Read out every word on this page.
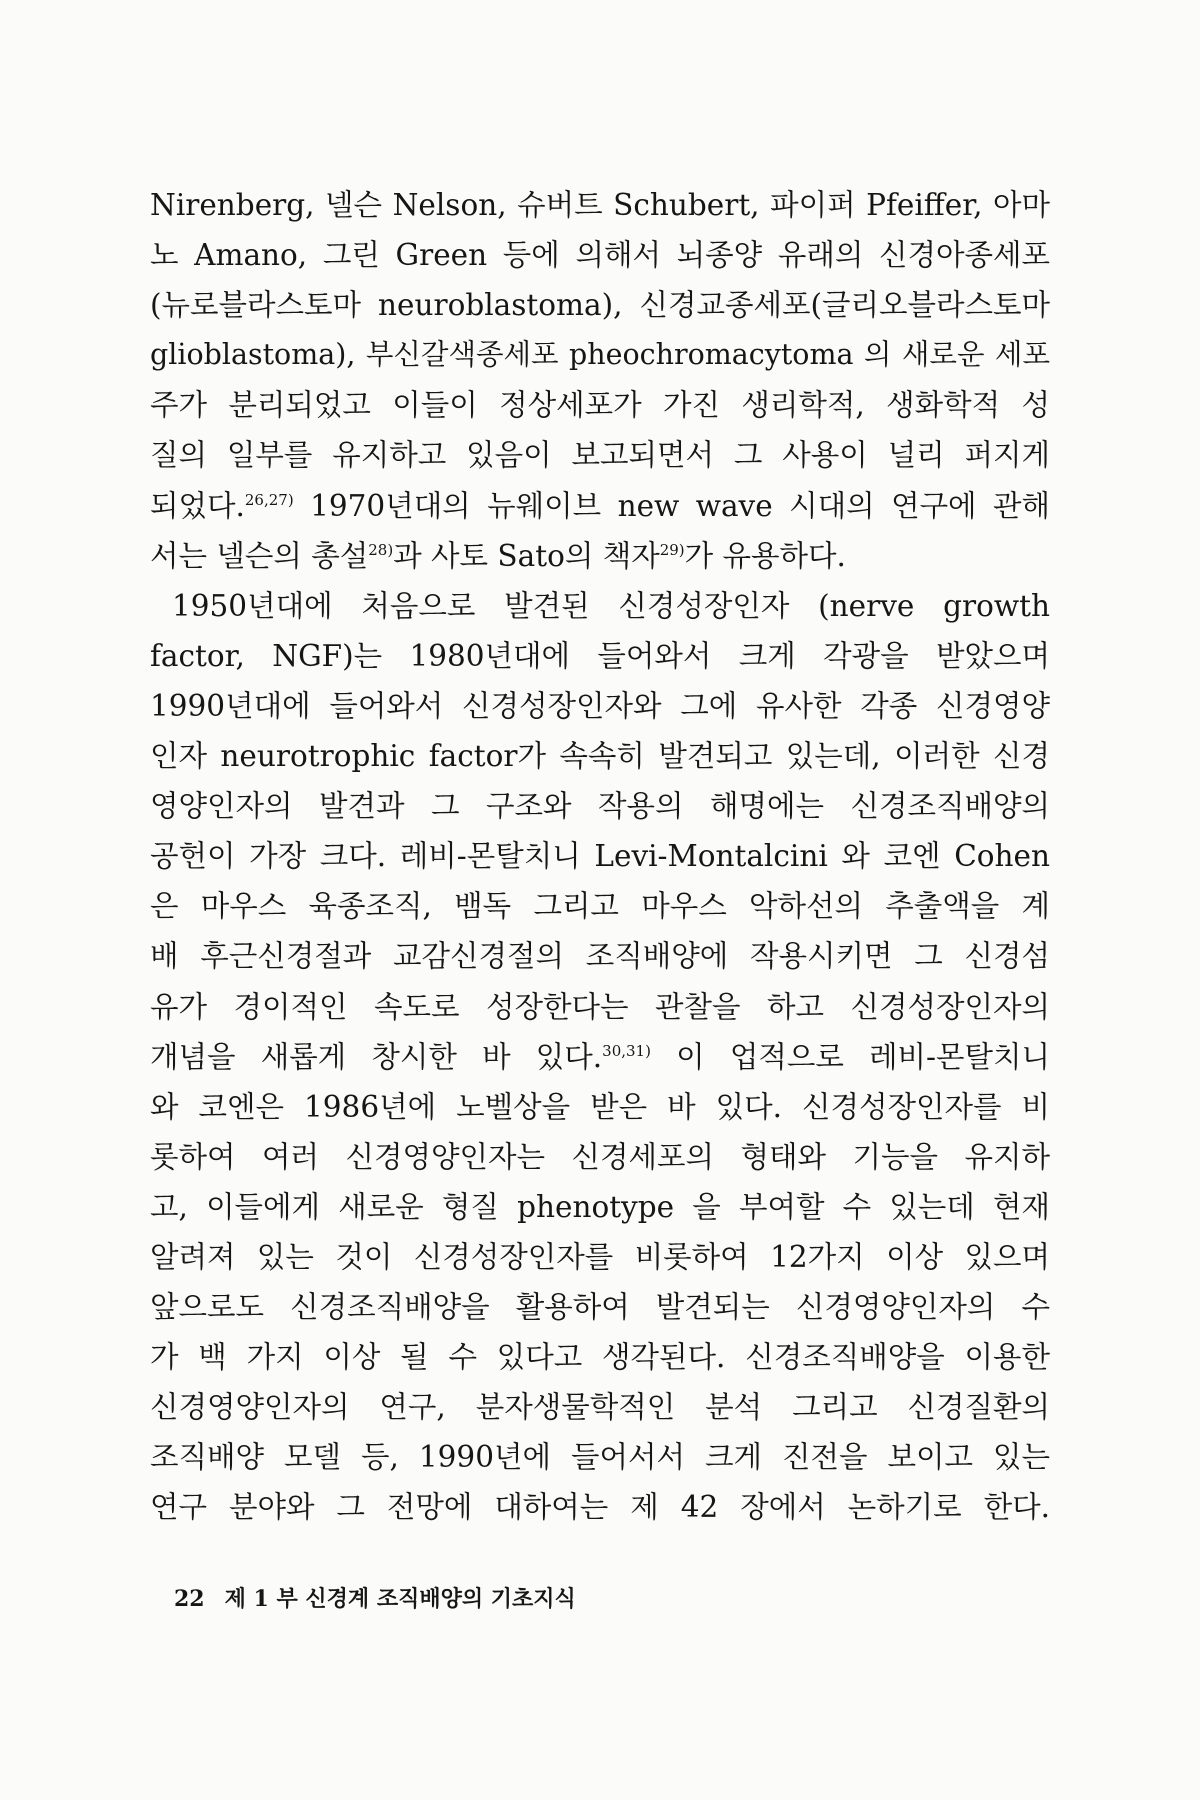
Nirenberg, 넬슨 Nelson, 슈버트 Schubert, 파이퍼 Pfeiffer, 아마
노 Amano, 그린 Green 등에 의해서 뇌종양 유래의 신경아종세포
(뉴로블라스토마 neuroblastoma), 신경교종세포(글리오블라스토마
glioblastoma), 부신갈색종세포 pheochromacytoma 의 새로운 세포
주가 분리되었고 이들이 정상세포가 가진 생리학적, 생화학적 성
질의 일부를 유지하고 있음이 보고되면서 그 사용이 널리 퍼지게
되었다.$^{26,27)}$ 1970년대의 뉴웨이브 new wave 시대의 연구에 관해
서는 넬슨의 총설$^{28)}$과 사토 Sato의 책자$^{29)}$가 유용하다.
1950년대에 처음으로 발견된 신경성장인자 (nerve growth
factor, NGF)는 1980년대에 들어와서 크게 각광을 받았으며
1990년대에 들어와서 신경성장인자와 그에 유사한 각종 신경영양
인자 neurotrophic factor가 속속히 발견되고 있는데, 이러한 신경
영양인자의 발견과 그 구조와 작용의 해명에는 신경조직배양의
공헌이 가장 크다. 레비-몬탈치니 Levi-Montalcini 와 코엔 Cohen
은 마우스 육종조직, 뱀독 그리고 마우스 악하선의 추출액을 계
배 후근신경절과 교감신경절의 조직배양에 작용시키면 그 신경섬
유가 경이적인 속도로 성장한다는 관찰을 하고 신경성장인자의
개념을 새롭게 창시한 바 있다.$^{30,31)}$ 이 업적으로 레비-몬탈치니
와 코엔은 1986년에 노벨상을 받은 바 있다. 신경성장인자를 비
롯하여 여러 신경영양인자는 신경세포의 형태와 기능을 유지하
고, 이들에게 새로운 형질 phenotype 을 부여할 수 있는데 현재
알려져 있는 것이 신경성장인자를 비롯하여 12가지 이상 있으며
앞으로도 신경조직배양을 활용하여 발견되는 신경영양인자의 수
가 백 가지 이상 될 수 있다고 생각된다. 신경조직배양을 이용한
신경영양인자의 연구, 분자생물학적인 분석 그리고 신경질환의
조직배양 모델 등, 1990년에 들어서서 크게 진전을 보이고 있는
연구 분야와 그 전망에 대하여는 제 42 장에서 논하기로 한다.
22 제 1 부 신경계 조직배양의 기초지식
